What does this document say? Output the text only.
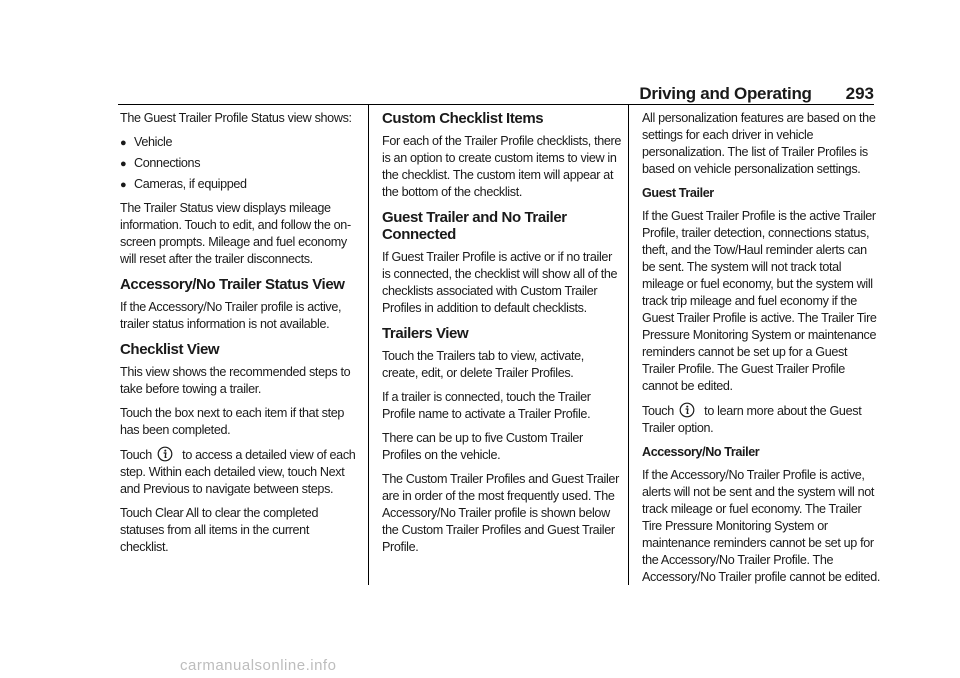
Driving and Operating 293

The Guest Trailer Profile Status view shows:

● Vehicle
● Connections
● Cameras, if equipped

The Trailer Status view displays mileage information. Touch to edit, and follow the on-screen prompts. Mileage and fuel economy will reset after the trailer disconnects.

Accessory/No Trailer Status View

If the Accessory/No Trailer profile is active, trailer status information is not available.

Checklist View

This view shows the recommended steps to take before towing a trailer.

Touch the box next to each item if that step has been completed.

Touch to access a detailed view of each step. Within each detailed view, touch Next and Previous to navigate between steps.

Touch Clear All to clear the completed statuses from all items in the current checklist.

Custom Checklist Items

For each of the Trailer Profile checklists, there is an option to create custom items to view in the checklist. The custom item will appear at the bottom of the checklist.

Guest Trailer and No Trailer Connected

If Guest Trailer Profile is active or if no trailer is connected, the checklist will show all of the checklists associated with Custom Trailer Profiles in addition to default checklists.

Trailers View

Touch the Trailers tab to view, activate, create, edit, or delete Trailer Profiles.

If a trailer is connected, touch the Trailer Profile name to activate a Trailer Profile.

There can be up to five Custom Trailer Profiles on the vehicle.

The Custom Trailer Profiles and Guest Trailer are in order of the most frequently used. The Accessory/No Trailer profile is shown below the Custom Trailer Profiles and Guest Trailer Profile.

All personalization features are based on the settings for each driver in vehicle personalization. The list of Trailer Profiles is based on vehicle personalization settings.

Guest Trailer

If the Guest Trailer Profile is the active Trailer Profile, trailer detection, connections status, theft, and the Tow/Haul reminder alerts can be sent. The system will not track total mileage or fuel economy, but the system will track trip mileage and fuel economy if the Guest Trailer Profile is active. The Trailer Tire Pressure Monitoring System or maintenance reminders cannot be set up for a Guest Trailer Profile. The Guest Trailer Profile cannot be edited.

Touch to learn more about the Guest Trailer option.

Accessory/No Trailer

If the Accessory/No Trailer Profile is active, alerts will not be sent and the system will not track mileage or fuel economy. The Trailer Tire Pressure Monitoring System or maintenance reminders cannot be set up for the Accessory/No Trailer Profile. The Accessory/No Trailer profile cannot be edited.

carmanualsonline.info
